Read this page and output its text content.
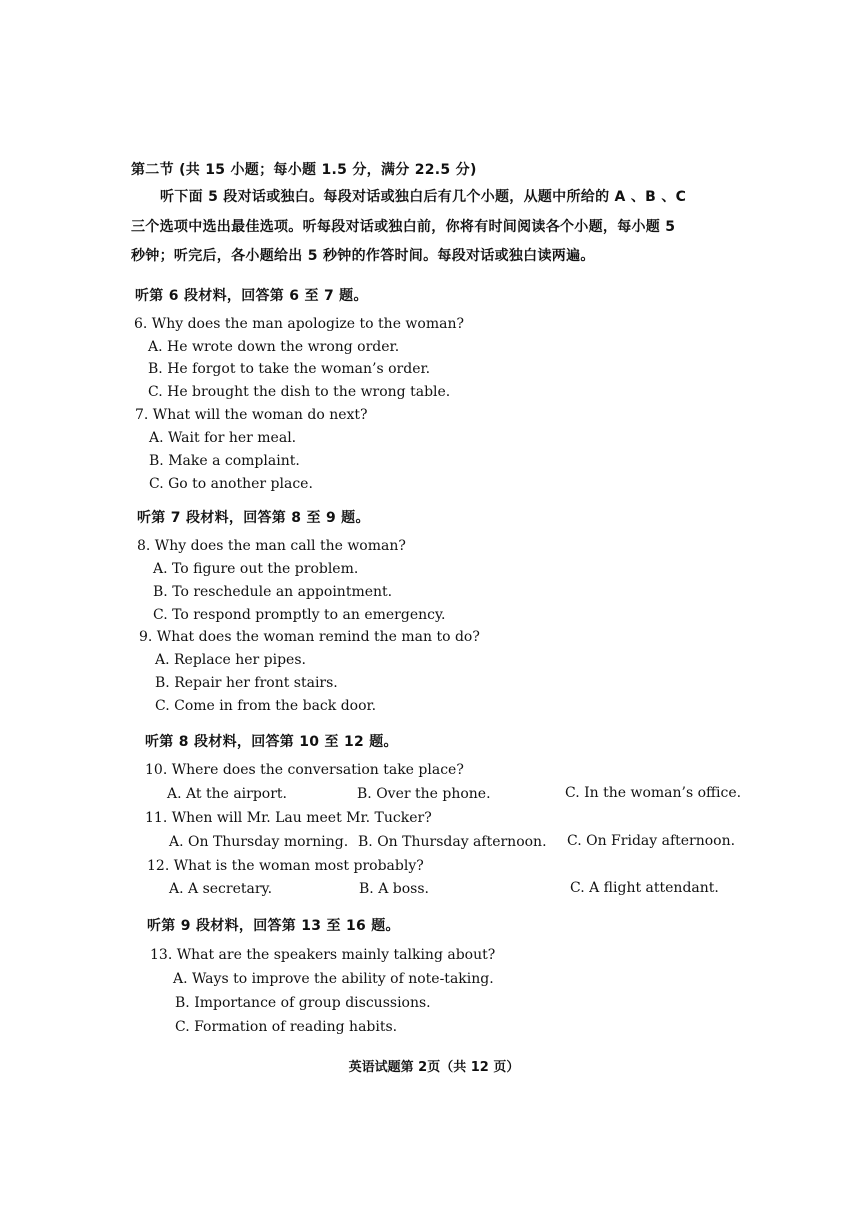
第二节 (共 15 小题；每小题 1.5 分，满分 22.5 分)
听下面 5 段对话或独白。每段对话或独白后有几个小题，从题中所给的 A 、B 、C
三个选项中选出最佳选项。听每段对话或独白前，你将有时间阅读各个小题，每小题 5
秒钟；听完后，各小题给出 5 秒钟的作答时间。每段对话或独白读两遍。
听第 6 段材料，回答第 6 至 7 题。
6. Why does the man apologize to the woman?
A. He wrote down the wrong order.
B. He forgot to take the woman’s order.
C. He brought the dish to the wrong table.
7. What will the woman do next?
A. Wait for her meal.
B. Make a complaint.
C. Go to another place.
听第 7 段材料，回答第 8 至 9 题。
8. Why does the man call the woman?
A. To figure out the problem.
B. To reschedule an appointment.
C. To respond promptly to an emergency.
9. What does the woman remind the man to do?
A. Replace her pipes.
B. Repair her front stairs.
C. Come in from the back door.
听第 8 段材料，回答第 10 至 12 题。
10. Where does the conversation take place?
A. At the airport.	B. Over the phone.	C. In the woman’s office.
11. When will Mr. Lau meet Mr. Tucker?
A. On Thursday morning. B. On Thursday afternoon. C. On Friday afternoon.
12. What is the woman most probably?
A. A secretary.	B. A boss.	C. A flight attendant.
听第 9 段材料，回答第 13 至 16 题。
13. What are the speakers mainly talking about?
A. Ways to improve the ability of note-taking.
B. Importance of group discussions.
C. Formation of reading habits.
英语试题第 2页（共 12 页）
